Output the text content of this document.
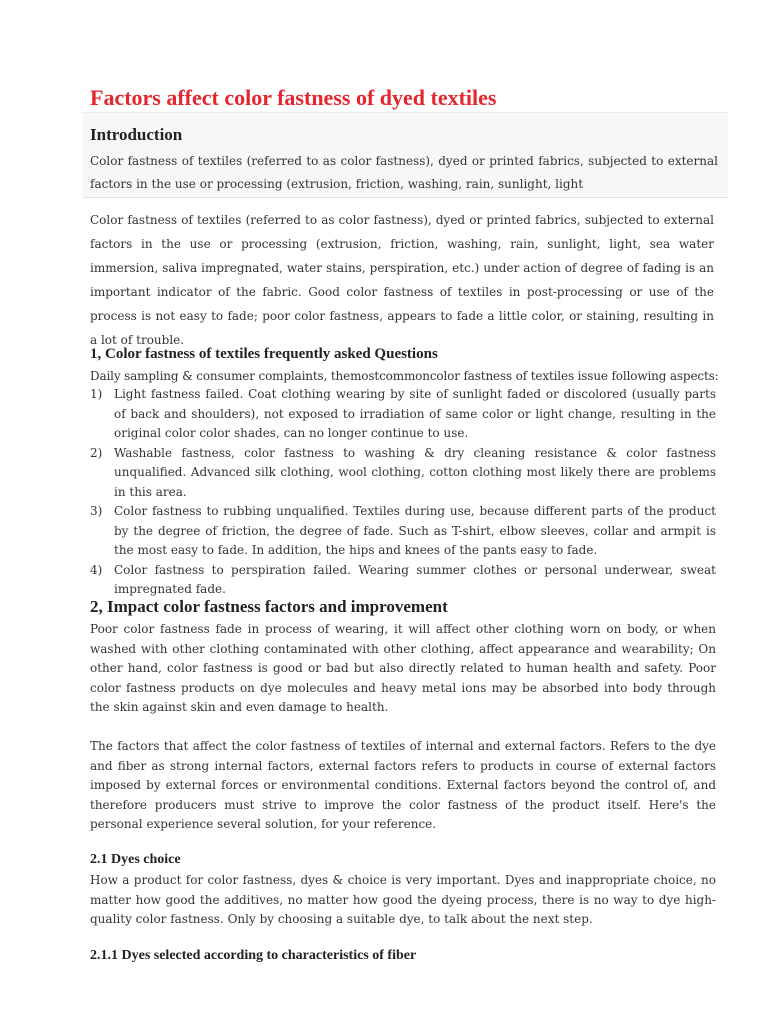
Factors affect color fastness of dyed textiles
Introduction
Color fastness of textiles (referred to as color fastness), dyed or printed fabrics, subjected to external factors in the use or processing (extrusion, friction, washing, rain, sunlight, light
Color fastness of textiles (referred to as color fastness), dyed or printed fabrics, subjected to external factors in the use or processing (extrusion, friction, washing, rain, sunlight, light, sea water immersion, saliva impregnated, water stains, perspiration, etc.) under action of degree of fading is an important indicator of the fabric. Good color fastness of textiles in post-processing or use of the process is not easy to fade; poor color fastness, appears to fade a little color, or staining, resulting in a lot of trouble.
1, Color fastness of textiles frequently asked Questions
Daily sampling & consumer complaints, themostcommoncolor fastness of textiles issue following aspects:
1) Light fastness failed. Coat clothing wearing by site of sunlight faded or discolored (usually parts of back and shoulders), not exposed to irradiation of same color or light change, resulting in the original color color shades, can no longer continue to use.
2) Washable fastness, color fastness to washing & dry cleaning resistance & color fastness unqualified. Advanced silk clothing, wool clothing, cotton clothing most likely there are problems in this area.
3) Color fastness to rubbing unqualified. Textiles during use, because different parts of the product by the degree of friction, the degree of fade. Such as T-shirt, elbow sleeves, collar and armpit is the most easy to fade. In addition, the hips and knees of the pants easy to fade.
4) Color fastness to perspiration failed. Wearing summer clothes or personal underwear, sweat impregnated fade.
2, Impact color fastness factors and improvement
Poor color fastness fade in process of wearing, it will affect other clothing worn on body, or when washed with other clothing contaminated with other clothing, affect appearance and wearability; On other hand, color fastness is good or bad but also directly related to human health and safety. Poor color fastness products on dye molecules and heavy metal ions may be absorbed into body through the skin against skin and even damage to health.
The factors that affect the color fastness of textiles of internal and external factors. Refers to the dye and fiber as strong internal factors, external factors refers to products in course of external factors imposed by external forces or environmental conditions. External factors beyond the control of, and therefore producers must strive to improve the color fastness of the product itself. Here's the personal experience several solution, for your reference.
2.1 Dyes choice
How a product for color fastness, dyes & choice is very important. Dyes and inappropriate choice, no matter how good the additives, no matter how good the dyeing process, there is no way to dye high-quality color fastness. Only by choosing a suitable dye, to talk about the next step.
2.1.1 Dyes selected according to characteristics of fiber
